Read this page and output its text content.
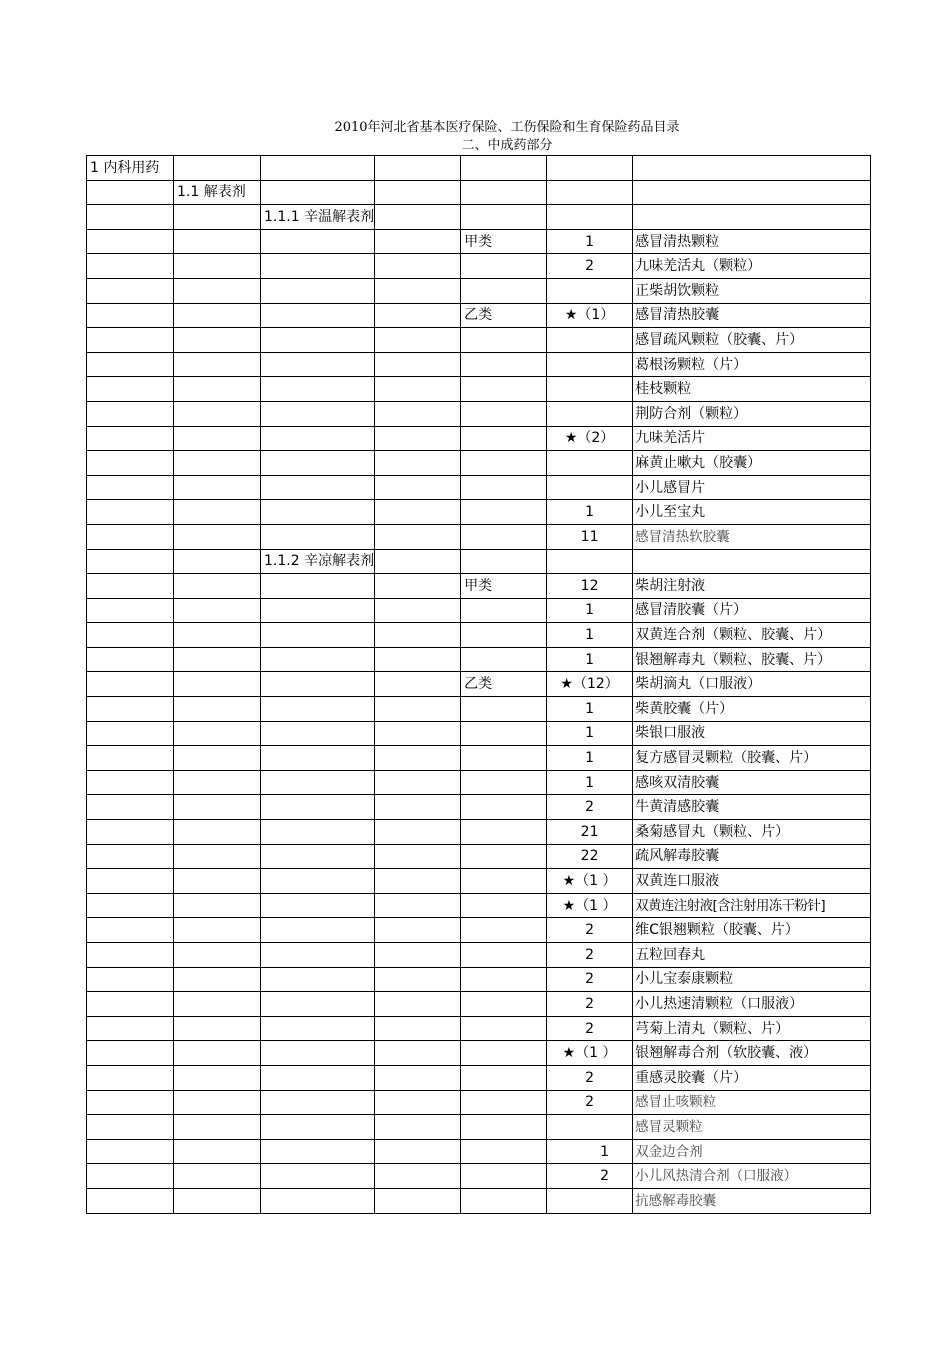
2010年河北省基本医疗保险、工伤保险和生育保险药品目录
二、中成药部分
1 内科用药						
	1.1 解表剂					
		1.1.1 辛温解表剂				
				甲类	1	感冒清热颗粒
					2	九味羌活丸（颗粒）
						正柴胡饮颗粒
				乙类	★（1）	感冒清热胶囊
						感冒疏风颗粒（胶囊、片）
						葛根汤颗粒（片）
						桂枝颗粒
						荆防合剂（颗粒）
					★（2）	九味羌活片
						麻黄止嗽丸（胶囊）
						小儿感冒片
					1	小儿至宝丸
					11	感冒清热软胶囊
		1.1.2 辛凉解表剂				
				甲类	12	柴胡注射液
					1	感冒清胶囊（片）
					1	双黄连合剂（颗粒、胶囊、片）
					1	银翘解毒丸（颗粒、胶囊、片）
				乙类	★（12）	柴胡滴丸（口服液）
					1	柴黄胶囊（片）
					1	柴银口服液
					1	复方感冒灵颗粒（胶囊、片）
					1	感咳双清胶囊
					2	牛黄清感胶囊
					21	桑菊感冒丸（颗粒、片）
					22	疏风解毒胶囊
					★（1 ）	双黄连口服液
					★（1 ）	双黄连注射液[含注射用冻干粉针]
					2	维C银翘颗粒（胶囊、片）
					2	五粒回春丸
					2	小儿宝泰康颗粒
					2	小儿热速清颗粒（口服液）
					2	芎菊上清丸（颗粒、片）
					★（1 ）	银翘解毒合剂（软胶囊、液）
					2	重感灵胶囊（片）
					2	感冒止咳颗粒
						感冒灵颗粒
					1	双金边合剂
					2	小儿风热清合剂（口服液）
						抗感解毒胶囊
